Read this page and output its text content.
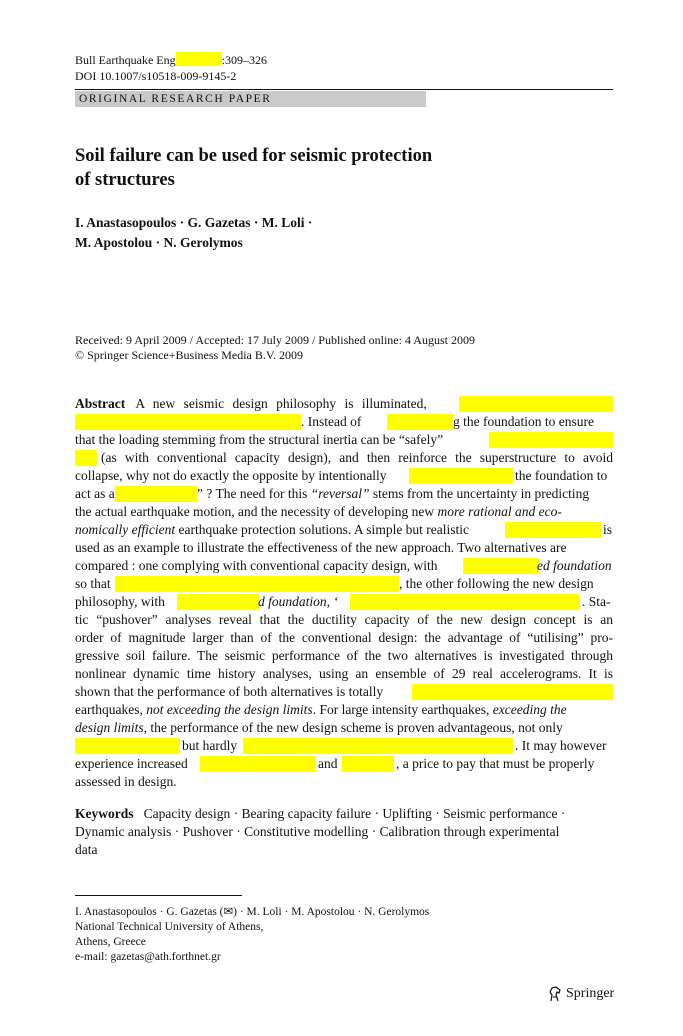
Bull Earthquake Eng	:309–326
DOI 10.1007/s10518-009-9145-2
ORIGINAL RESEARCH PAPER
Soil failure can be used for seismic protection
of structures
I. Anastasopoulos · G. Gazetas · M. Loli ·
M. Apostolou · N. Gerolymos
Received: 9 April 2009 / Accepted: 17 July 2009 / Published online: 4 August 2009
© Springer Science+Business Media B.V. 2009
Abstract A new seismic design philosophy is illuminated,
. Instead of	g the foundation to ensure
that the loading stemming from the structural inertia can be “safely”
(as with conventional capacity design), and then reinforce the superstructure to avoid
collapse, why not do exactly the opposite by intentionally	the foundation to
act as a	” ? The need for this “reversal” stems from the uncertainty in predicting
the actual earthquake motion, and the necessity of developing new more rational and eco-
nomically efficient earthquake protection solutions. A simple but realistic	is
used as an example to illustrate the effectiveness of the new approach. Two alternatives are
compared : one complying with conventional capacity design, with	ed foundation
so that	, the other following the new design
philosophy, with	d foundation, ‘	. Sta-
tic “pushover” analyses reveal that the ductility capacity of the new design concept is an
order of magnitude larger than of the conventional design: the advantage of “utilising” pro-
gressive soil failure. The seismic performance of the two alternatives is investigated through
nonlinear dynamic time history analyses, using an ensemble of 29 real accelerograms. It is
shown that the performance of both alternatives is totally
earthquakes, not exceeding the design limits. For large intensity earthquakes, exceeding the
design limits, the performance of the new design scheme is proven advantageous, not only
but hardly	. It may however
experience increased	and	, a price to pay that must be properly
assessed in design.
Keywords Capacity design · Bearing capacity failure · Uplifting · Seismic performance ·
Dynamic analysis · Pushover · Constitutive modelling · Calibration through experimental
data
I. Anastasopoulos · G. Gazetas (✉) · M. Loli · M. Apostolou · N. Gerolymos
National Technical University of Athens,
Athens, Greece
e-mail: gazetas@ath.forthnet.gr
Springer
